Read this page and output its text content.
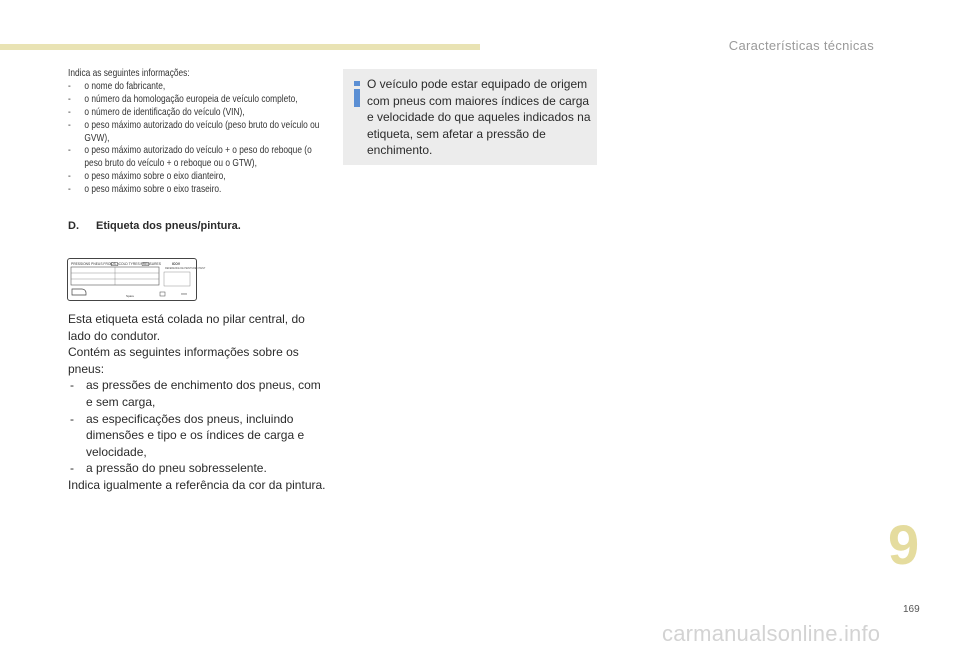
Características técnicas
Indica as seguintes informações:
- o nome do fabricante,
- o número da homologação europeia de veículo completo,
- o número de identificação do veículo (VIN),
- o peso máximo autorizado do veículo (peso bruto do veículo ou GVW),
- o peso máximo autorizado do veículo + o peso do reboque (o peso bruto do veículo + o reboque ou o GTW),
- o peso máximo sobre o eixo dianteiro,
- o peso máximo sobre o eixo traseiro.
D. Etiqueta dos pneus/pintura.
PRESSIONS PNEUS FROIDS / COLD TYRES PRESSURES	ICOV
REFERENCE DE PEINTURE / PAINT
Spare	XXX

Esta etiqueta está colada no pilar central, do lado do condutor.

Contém as seguintes informações sobre os pneus:

- as pressões de enchimento dos pneus, com e sem carga,
- as especificações dos pneus, incluindo dimensões e tipo e os índices de carga e velocidade,
- a pressão do pneu sobresselente.

Indica igualmente a referência da cor da pintura.

O veículo pode estar equipado de origem com pneus com maiores índices de carga e velocidade do que aqueles indicados na etiqueta, sem afetar a pressão de enchimento.
9
169
carmanualsonline.info
